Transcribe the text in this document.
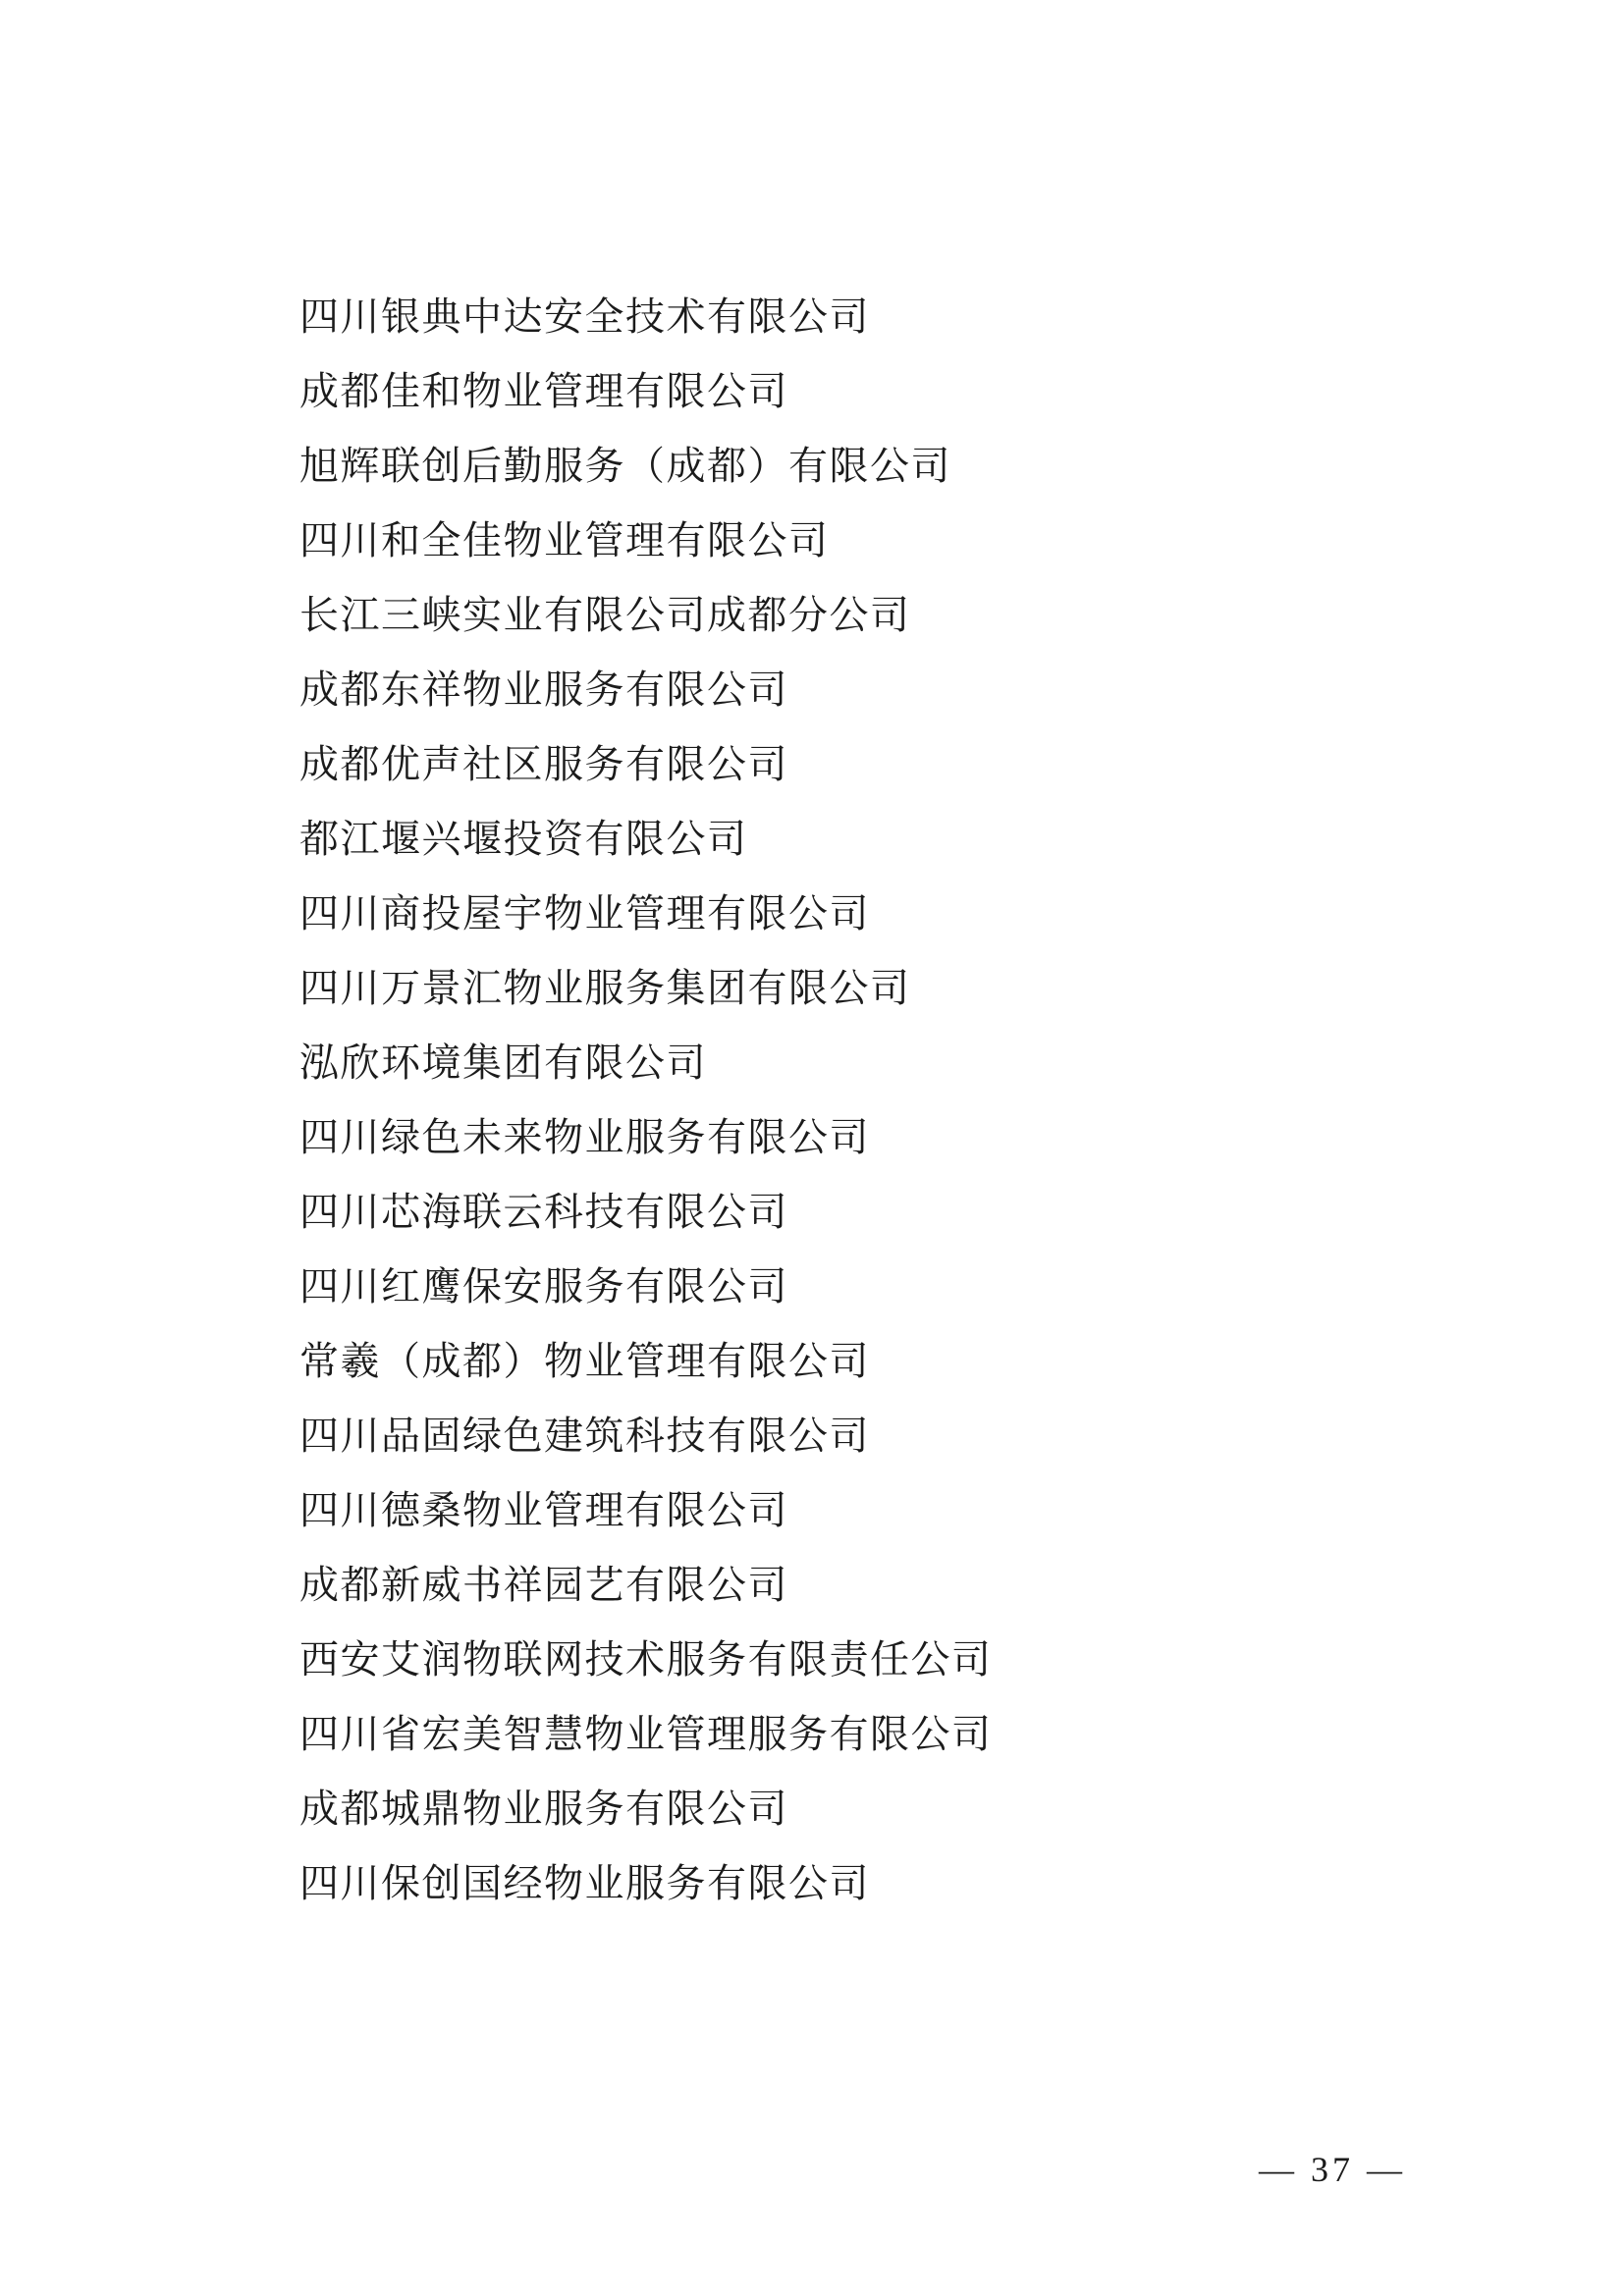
四川银典中达安全技术有限公司
成都佳和物业管理有限公司
旭辉联创后勤服务（成都）有限公司
四川和全佳物业管理有限公司
长江三峡实业有限公司成都分公司
成都东祥物业服务有限公司
成都优声社区服务有限公司
都江堰兴堰投资有限公司
四川商投屋宇物业管理有限公司
四川万景汇物业服务集团有限公司
泓欣环境集团有限公司
四川绿色未来物业服务有限公司
四川芯海联云科技有限公司
四川红鹰保安服务有限公司
常羲（成都）物业管理有限公司
四川品固绿色建筑科技有限公司
四川德桑物业管理有限公司
成都新威书祥园艺有限公司
西安艾润物联网技术服务有限责任公司
四川省宏美智慧物业管理服务有限公司
成都城鼎物业服务有限公司
四川保创国经物业服务有限公司
— 37 —
